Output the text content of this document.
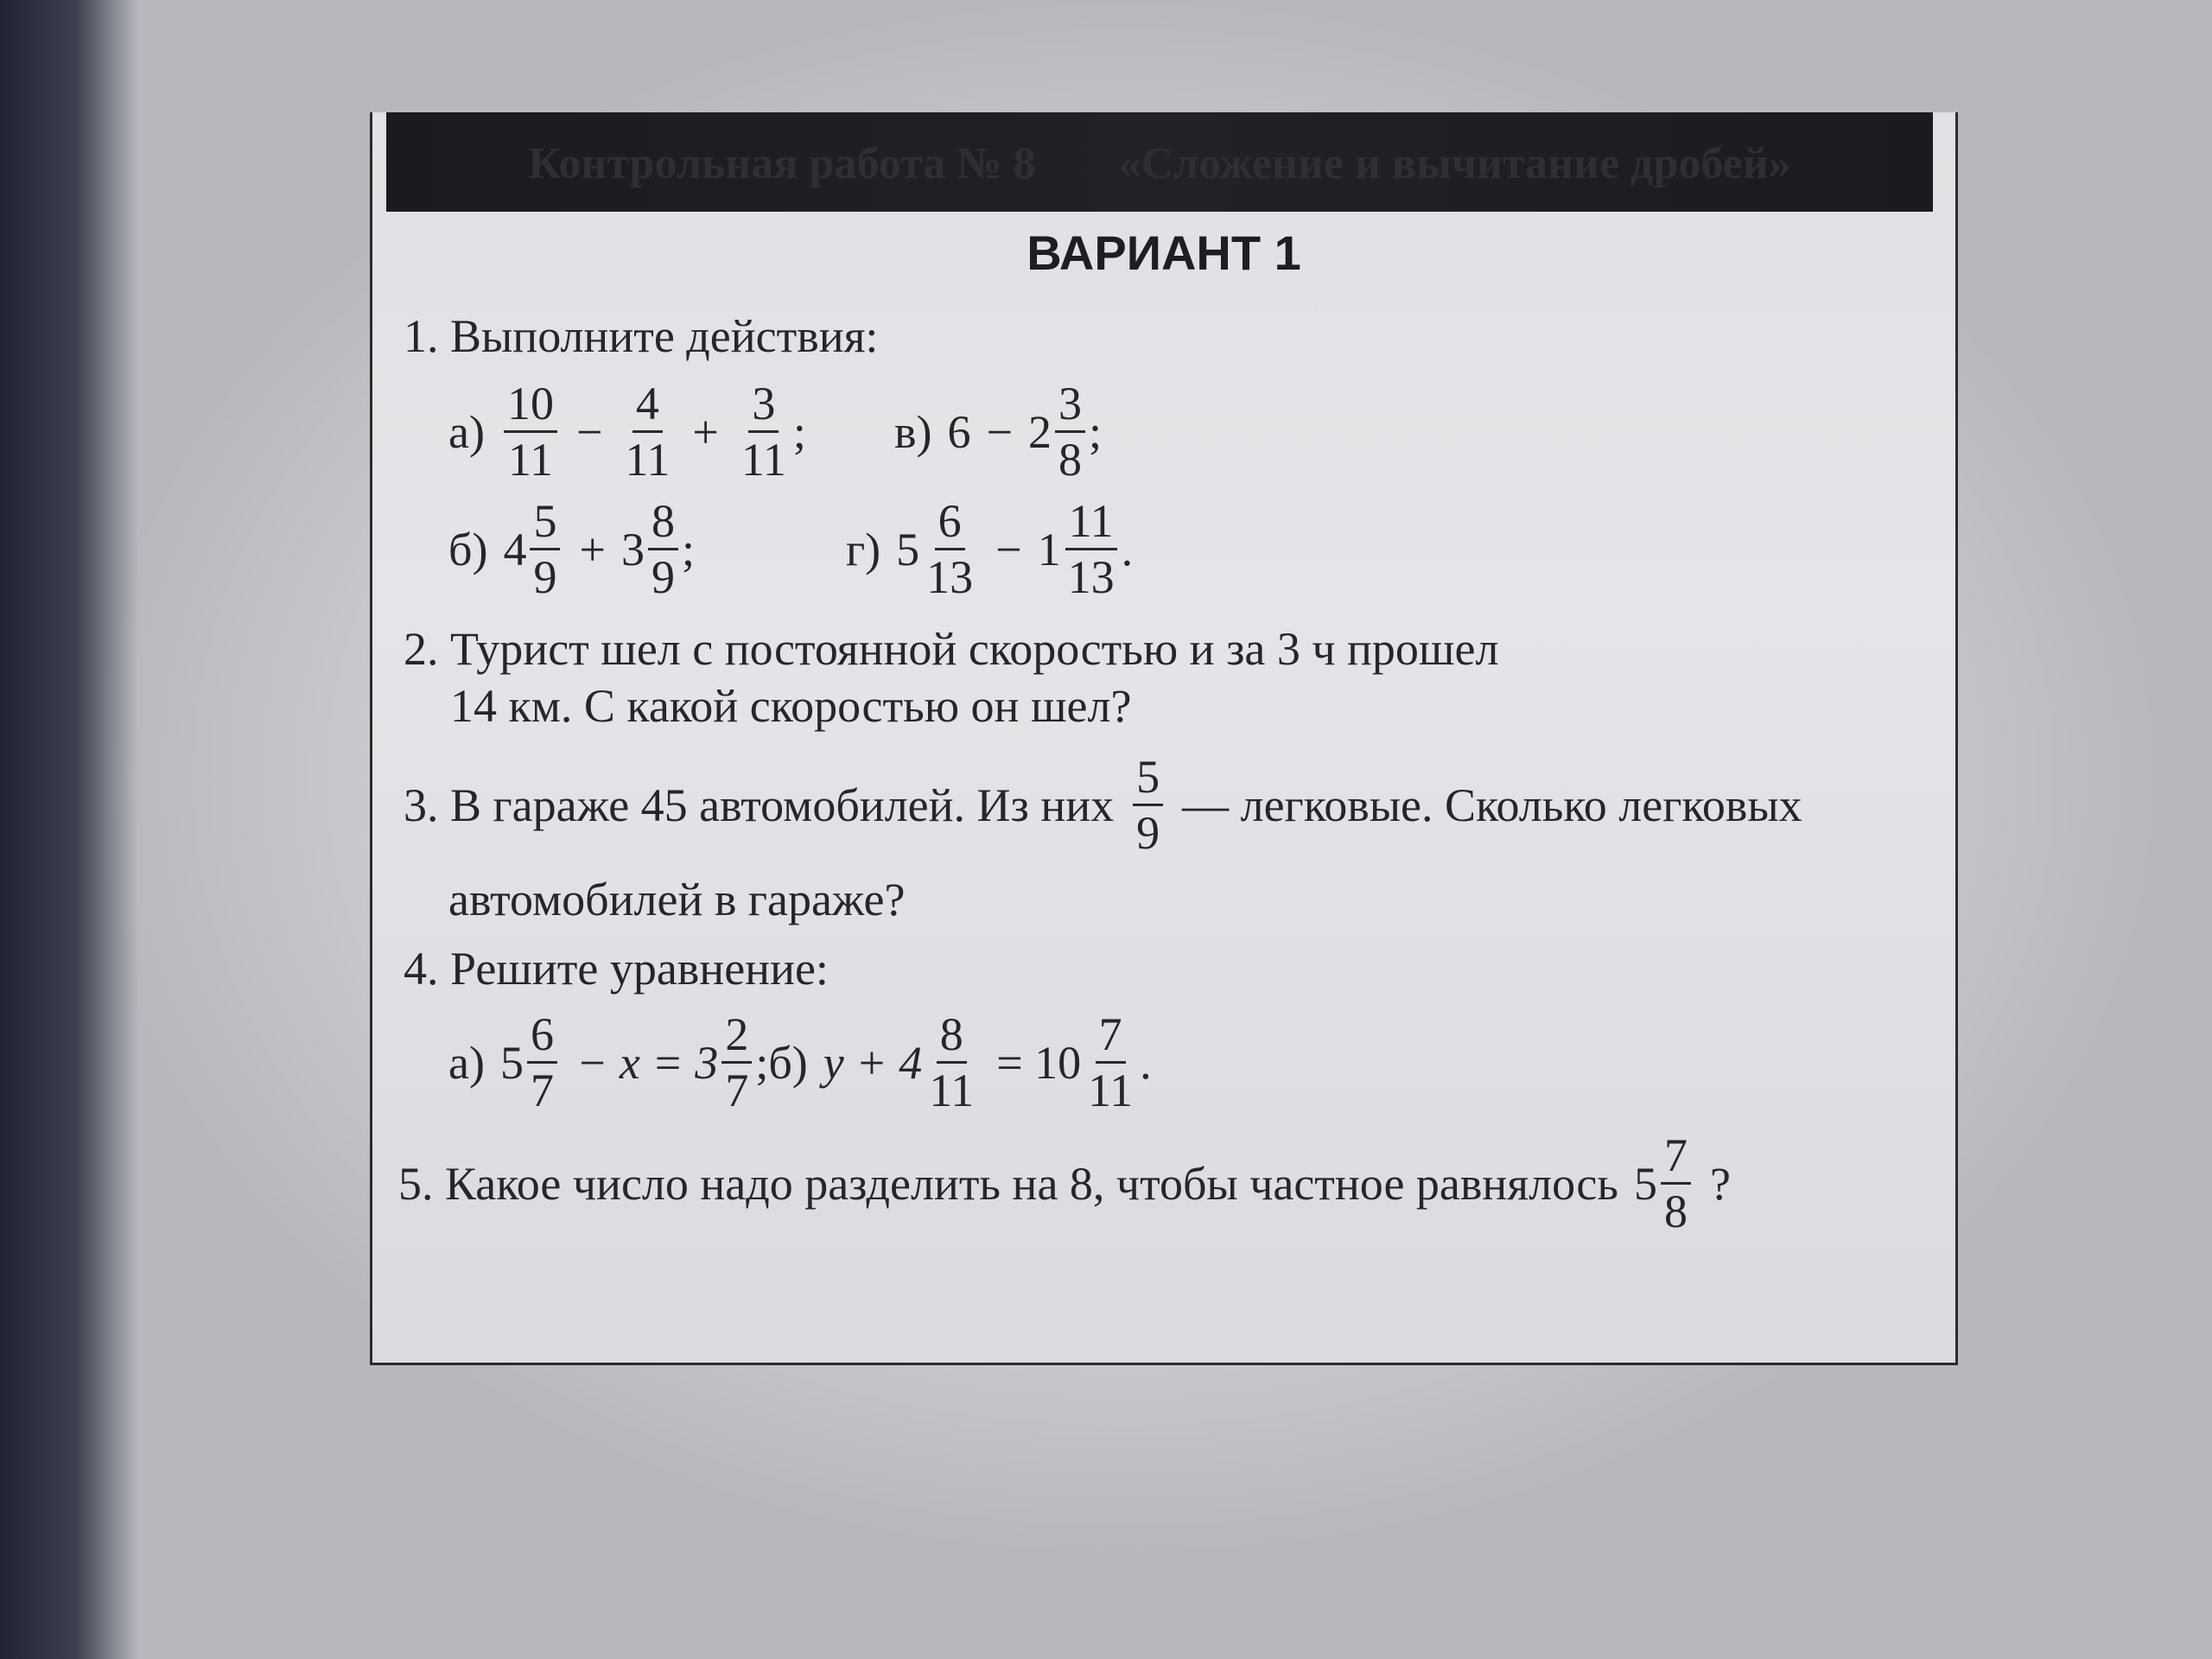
Контрольная работа № 8 «Сложение и вычитание дробей»
ВАРИАНТ 1
1. Выполните действия:
$а) \frac{10}{11} - \frac{4}{11} + \frac{3}{11}$ ; в) $6 - 2 \frac{3}{8}$ ;
б) $4 \frac{5}{9} + 3 \frac{8}{9}$ ;	г) $5 \frac{6}{13} - 1 \frac{11}{13}$ .
2. Турист шел с постоянной скоростью и за 3 ч прошел
14 км. С какой скоростью он шел?
3. В гараже 45 автомобилей. Из них $\frac{5}{9}$ — легковые. Сколько легковых
автомобилей в гараже?
4. Решите уравнение:
а) $5 \frac{6}{7} - x = 3 \frac{2}{7}$ ;б) $y + 4 \frac{8}{11} = 10 \frac{7}{11}$ .
5. Какое число надо разделить на 8, чтобы частное равнялось $5 \frac{7}{8}$ ?
